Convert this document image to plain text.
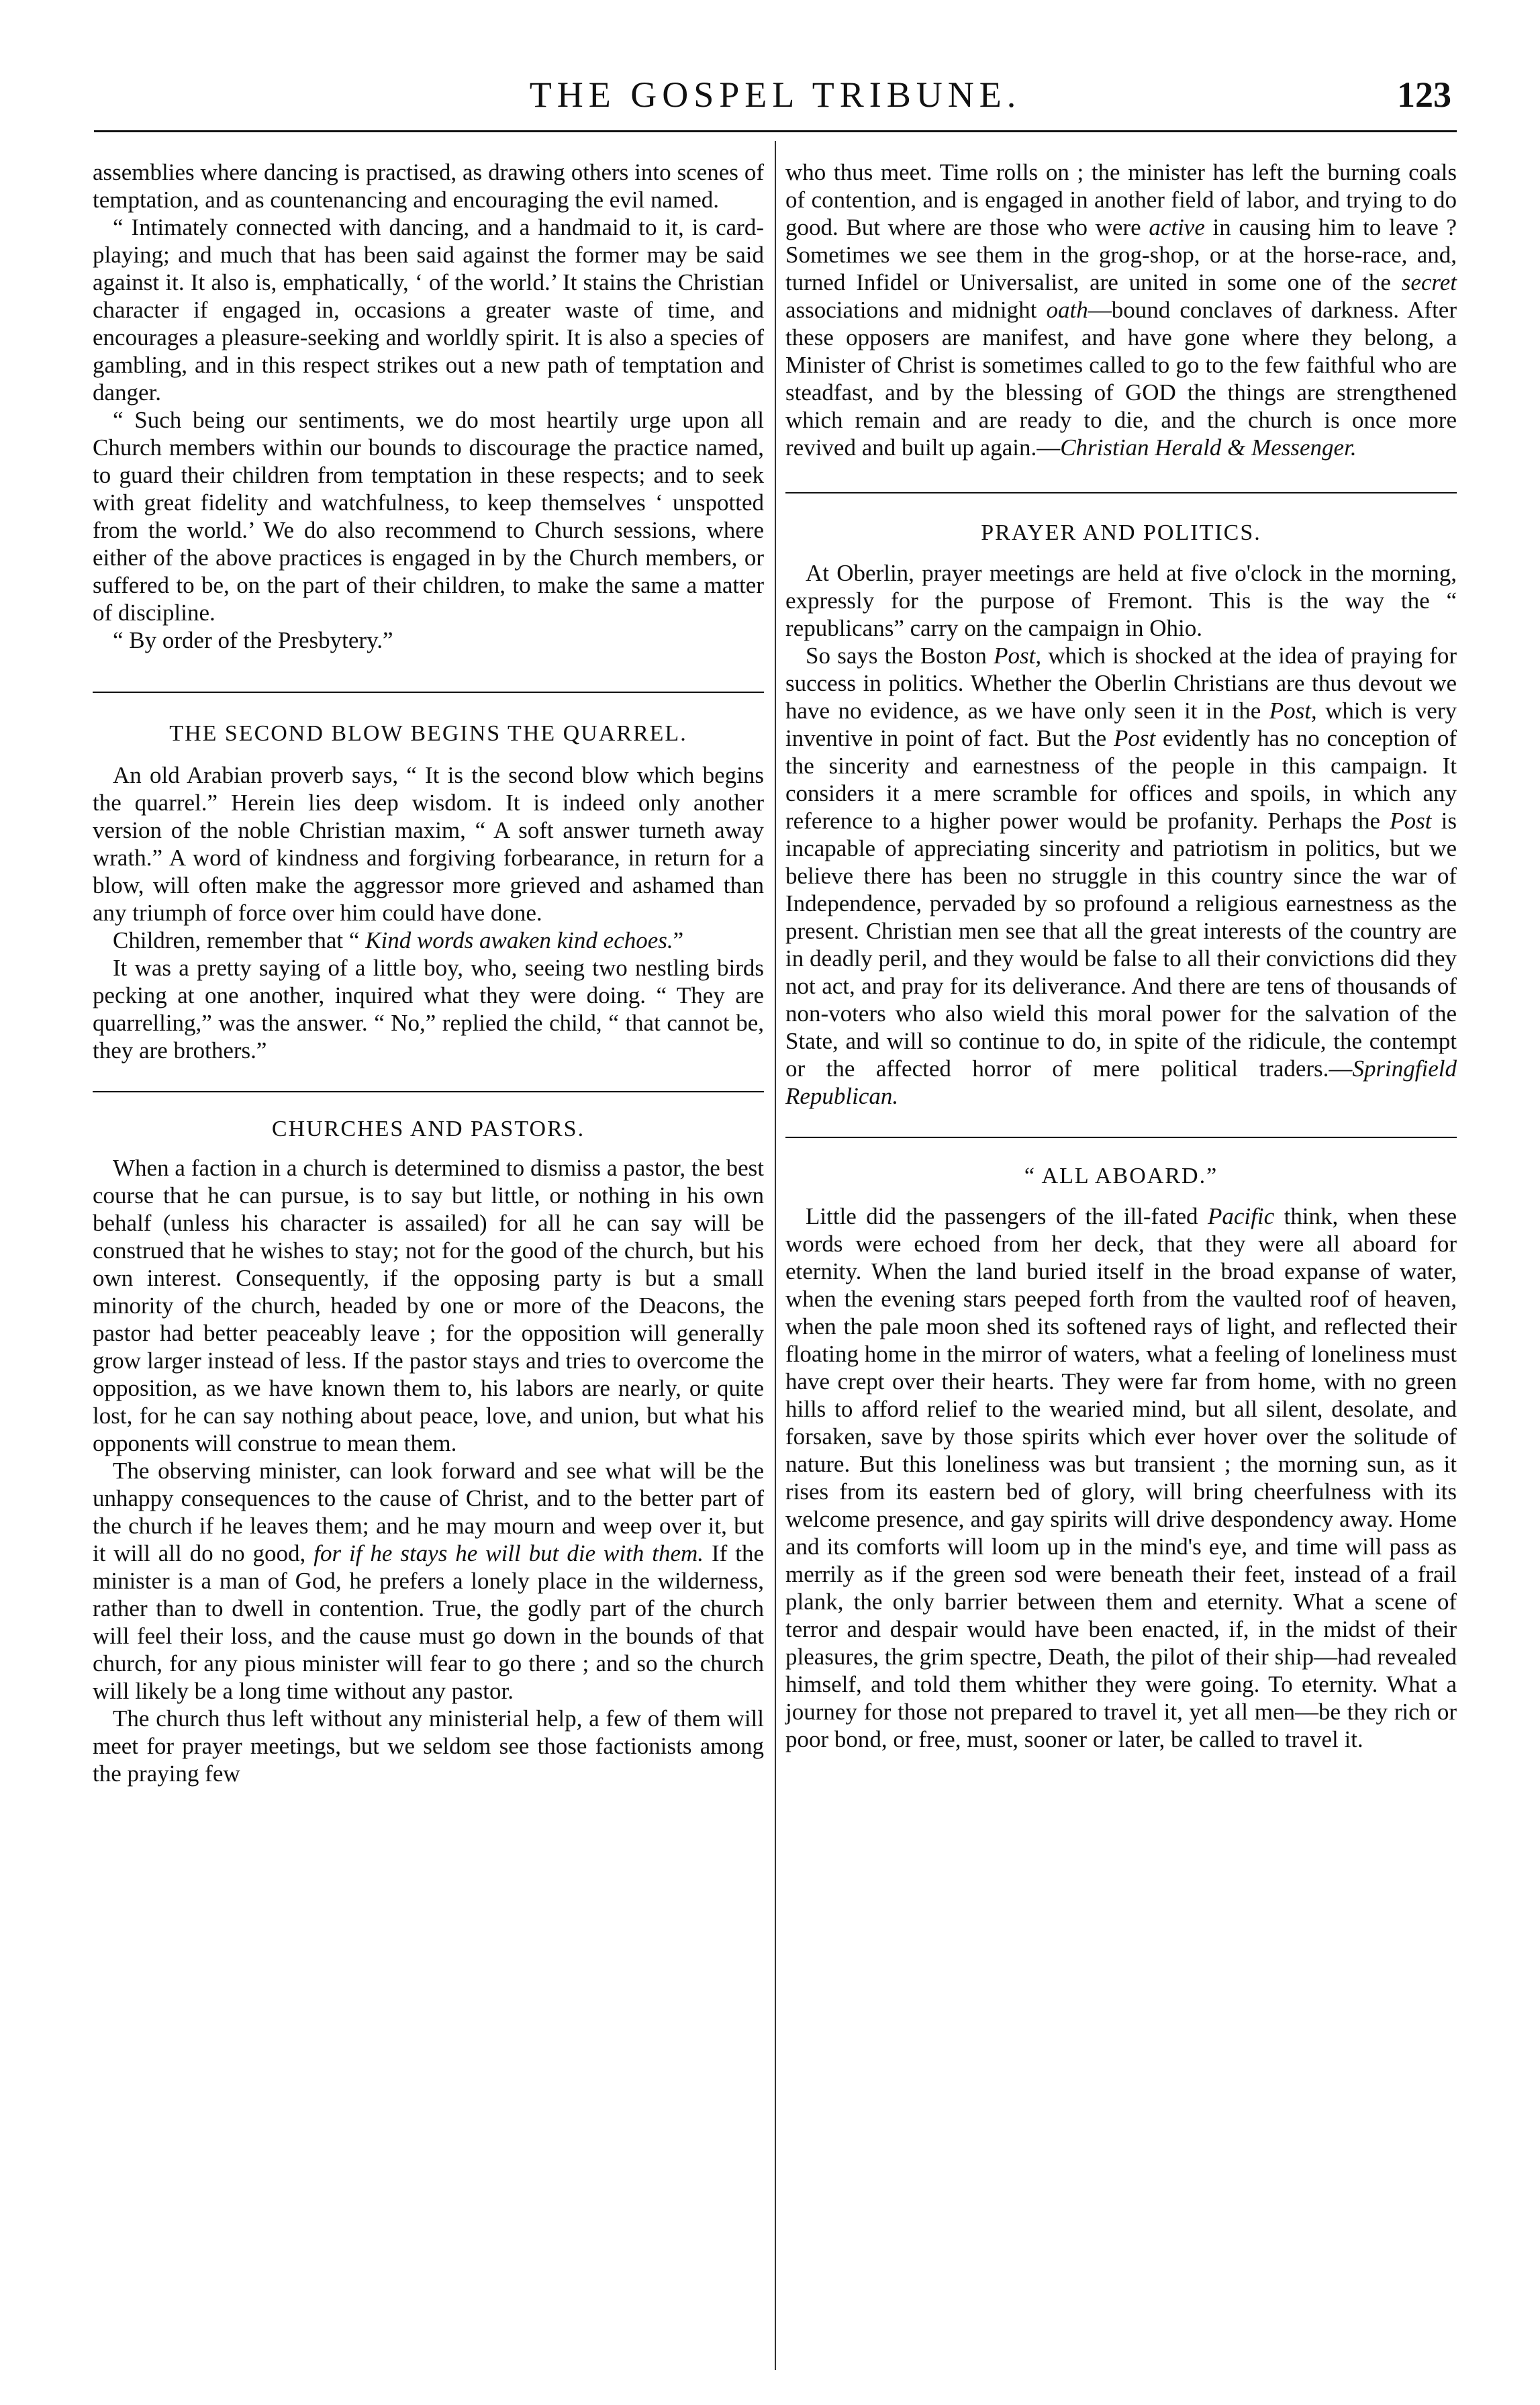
THE GOSPEL TRIBUNE.	123

assemblies where dancing is practised, as drawing others into scenes of temptation, and as countenancing and encouraging the evil named.

“ Intimately connected with dancing, and a handmaid to it, is card-playing; and much that has been said against the former may be said against it. It also is, emphatically, ‘ of the world.’ It stains the Christian character if engaged in, occasions a greater waste of time, and encourages a pleasure-seeking and worldly spirit. It is also a species of gambling, and in this respect strikes out a new path of temptation and danger.

“ Such being our sentiments, we do most heartily urge upon all Church members within our bounds to discourage the practice named, to guard their children from temptation in these respects; and to seek with great fidelity and watchfulness, to keep themselves ‘ unspotted from the world.’ We do also recommend to Church sessions, where either of the above practices is engaged in by the Church members, or suffered to be, on the part of their children, to make the same a matter of discipline.

“ By order of the Presbytery.”

THE SECOND BLOW BEGINS THE QUARREL.

An old Arabian proverb says, “ It is the second blow which begins the quarrel.” Herein lies deep wisdom. It is indeed only another version of the noble Christian maxim, “ A soft answer turneth away wrath.” A word of kindness and forgiving forbearance, in return for a blow, will often make the aggressor more grieved and ashamed than any triumph of force over him could have done.

Children, remember that “ Kind words awaken kind echoes.”

It was a pretty saying of a little boy, who, seeing two nestling birds pecking at one another, inquired what they were doing. “ They are quarrelling,” was the answer. “ No,” replied the child, “ that cannot be, they are brothers.”

CHURCHES AND PASTORS.

When a faction in a church is determined to dismiss a pastor, the best course that he can pursue, is to say but little, or nothing in his own behalf (unless his character is assailed) for all he can say will be construed that he wishes to stay; not for the good of the church, but his own interest. Consequently, if the opposing party is but a small minority of the church, headed by one or more of the Deacons, the pastor had better peaceably leave ; for the opposition will generally grow larger instead of less. If the pastor stays and tries to overcome the opposition, as we have known them to, his labors are nearly, or quite lost, for he can say nothing about peace, love, and union, but what his opponents will construe to mean them.

The observing minister, can look forward and see what will be the unhappy consequences to the cause of Christ, and to the better part of the church if he leaves them; and he may mourn and weep over it, but it will all do no good, for if he stays he will but die with them. If the minister is a man of God, he prefers a lonely place in the wilderness, rather than to dwell in contention. True, the godly part of the church will feel their loss, and the cause must go down in the bounds of that church, for any pious minister will fear to go there ; and so the church will likely be a long time without any pastor.

The church thus left without any ministerial help, a few of them will meet for prayer meetings, but we seldom see those factionists among the praying few

who thus meet. Time rolls on ; the minister has left the burning coals of contention, and is engaged in another field of labor, and trying to do good. But where are those who were active in causing him to leave ? Sometimes we see them in the grog-shop, or at the horse-race, and, turned Infidel or Universalist, are united in some one of the secret associations and midnight oath—bound conclaves of darkness. After these opposers are manifest, and have gone where they belong, a Minister of Christ is sometimes called to go to the few faithful who are steadfast, and by the blessing of GOD the things are strengthened which remain and are ready to die, and the church is once more revived and built up again.—Christian Herald & Messenger.

PRAYER AND POLITICS.

At Oberlin, prayer meetings are held at five o'clock in the morning, expressly for the purpose of Fremont. This is the way the “ republicans” carry on the campaign in Ohio.

So says the Boston Post, which is shocked at the idea of praying for success in politics. Whether the Oberlin Christians are thus devout we have no evidence, as we have only seen it in the Post, which is very inventive in point of fact. But the Post evidently has no conception of the sincerity and earnestness of the people in this campaign. It considers it a mere scramble for offices and spoils, in which any reference to a higher power would be profanity. Perhaps the Post is incapable of appreciating sincerity and patriotism in politics, but we believe there has been no struggle in this country since the war of Independence, pervaded by so profound a religious earnestness as the present. Christian men see that all the great interests of the country are in deadly peril, and they would be false to all their convictions did they not act, and pray for its deliverance. And there are tens of thousands of non-voters who also wield this moral power for the salvation of the State, and will so continue to do, in spite of the ridicule, the contempt or the affected horror of mere political traders.—Springfield Republican.

“ ALL ABOARD.”

Little did the passengers of the ill-fated Pacific think, when these words were echoed from her deck, that they were all aboard for eternity. When the land buried itself in the broad expanse of water, when the evening stars peeped forth from the vaulted roof of heaven, when the pale moon shed its softened rays of light, and reflected their floating home in the mirror of waters, what a feeling of loneliness must have crept over their hearts. They were far from home, with no green hills to afford relief to the wearied mind, but all silent, desolate, and forsaken, save by those spirits which ever hover over the solitude of nature. But this loneliness was but transient ; the morning sun, as it rises from its eastern bed of glory, will bring cheerfulness with its welcome presence, and gay spirits will drive despondency away. Home and its comforts will loom up in the mind's eye, and time will pass as merrily as if the green sod were beneath their feet, instead of a frail plank, the only barrier between them and eternity. What a scene of terror and despair would have been enacted, if, in the midst of their pleasures, the grim spectre, Death, the pilot of their ship—had revealed himself, and told them whither they were going. To eternity. What a journey for those not prepared to travel it, yet all men—be they rich or poor bond, or free, must, sooner or later, be called to travel it.
